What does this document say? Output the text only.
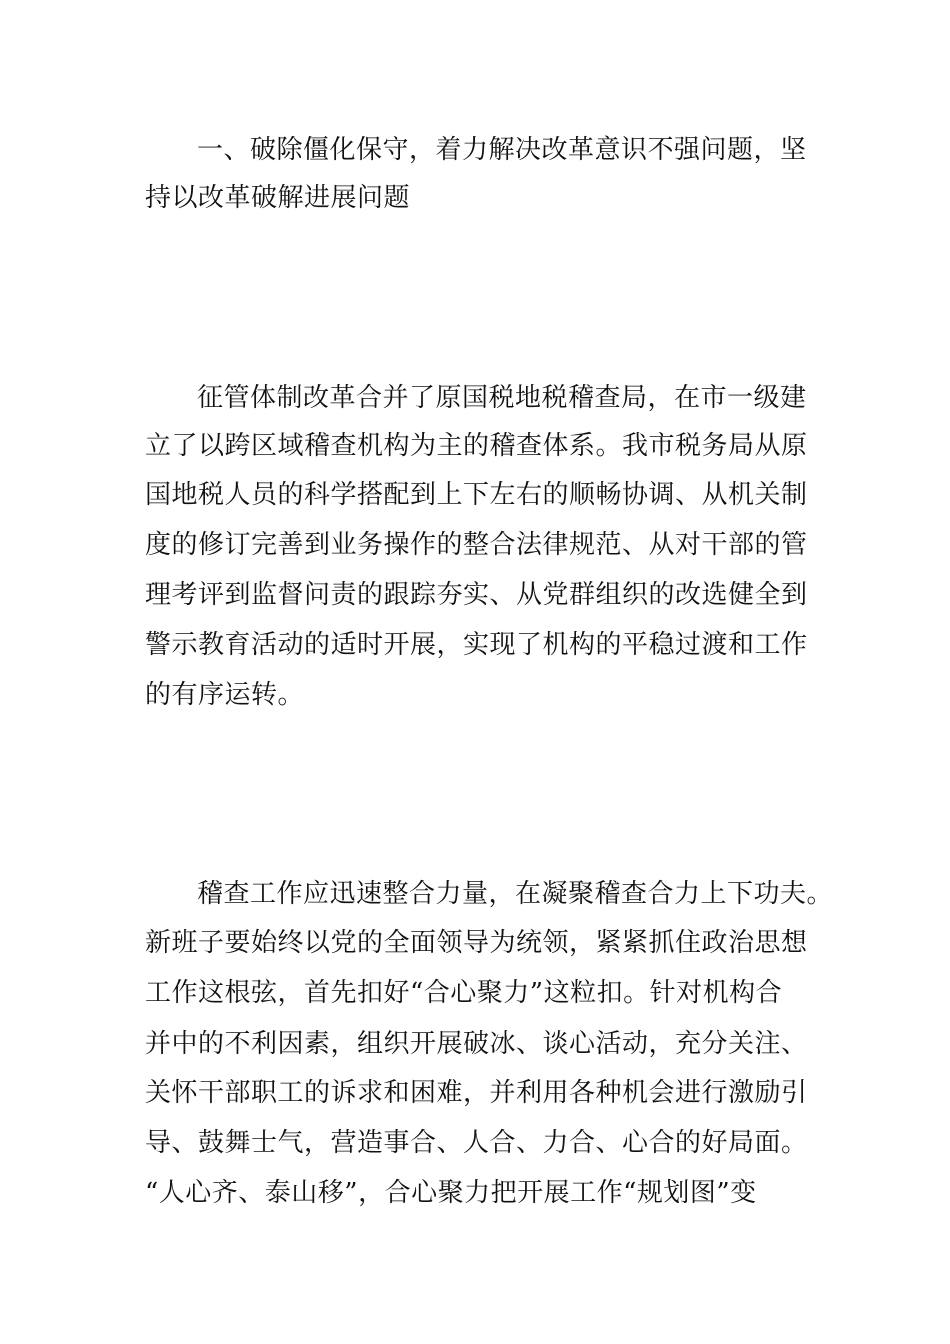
一、破除僵化保守，着力解决改革意识不强问题，坚
持以改革破解进展问题
征管体制改革合并了原国税地税稽查局，在市一级建
立了以跨区域稽查机构为主的稽查体系。我市税务局从原
国地税人员的科学搭配到上下左右的顺畅协调、从机关制
度的修订完善到业务操作的整合法律规范、从对干部的管
理考评到监督问责的跟踪夯实、从党群组织的改选健全到
警示教育活动的适时开展，实现了机构的平稳过渡和工作
的有序运转。
稽查工作应迅速整合力量，在凝聚稽查合力上下功夫。
新班子要始终以党的全面领导为统领，紧紧抓住政治思想
工作这根弦，首先扣好“合心聚力”这粒扣。针对机构合
并中的不利因素，组织开展破冰、谈心活动，充分关注、
关怀干部职工的诉求和困难，并利用各种机会进行激励引
导、鼓舞士气，营造事合、人合、力合、心合的好局面。
“人心齐、泰山移”，合心聚力把开展工作“规划图”变
